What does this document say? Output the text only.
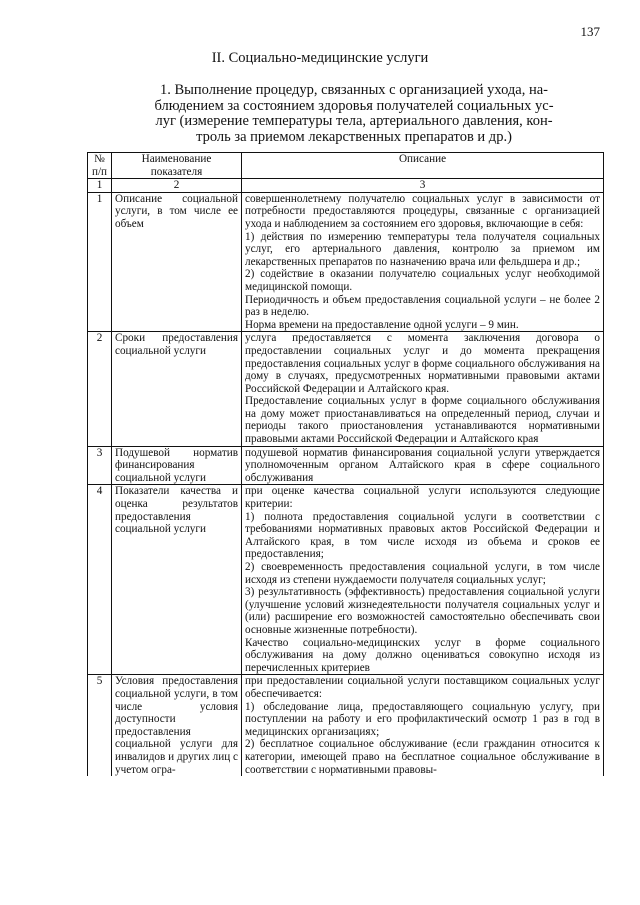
137
II. Социально-медицинские услуги
1. Выполнение процедур, связанных с организацией ухода, на-
блюдением за состоянием здоровья получателей социальных ус-
луг (измерение температуры тела, артериального давления, кон-
троль за приемом лекарственных препаратов и др.)
№ п/п	Наименование показателя	Описание
1	2	3
1	Описание социальной услуги, в том числе ее объем	совершеннолетнему получателю социальных услуг в зависимости от потребности предоставляются процедуры, связанные с организацией ухода и наблюдением за состоянием его здоровья, включающие в себя:

1) действия по измерению температуры тела получателя социальных услуг, его артериального давления, контролю за приемом им лекарственных препаратов по назначению врача или фельдшера и др.;

2) содействие в оказании получателю социальных услуг необходимой медицинской помощи.

Периодичность и объем предоставления социальной услуги – не более 2 раз в неделю.

Норма времени на предоставление одной услуги – 9 мин.

2	Сроки предоставления социальной услуги	услуга предоставляется с момента заключения договора о предоставлении социальных услуг и до момента прекращения предоставления социальных услуг в форме социального обслуживания на дому в случаях, предусмотренных нормативными правовыми актами Российской Федерации и Алтайского края.

Предоставление социальных услуг в форме социального обслуживания на дому может приостанавливаться на определенный период, случаи и периоды такого приостановления устанавливаются нормативными правовыми актами Российской Федерации и Алтайского края

3	Подушевой норматив финансирования социальной услуги	подушевой норматив финансирования социальной услуги утверждается уполномоченным органом Алтайского края в сфере социального обслуживания

4	Показатели качества и оценка результатов предоставления социальной услуги	при оценке качества социальной услуги используются следующие критерии:

1) полнота предоставления социальной услуги в соответствии с требованиями нормативных правовых актов Российской Федерации и Алтайского края, в том числе исходя из объема и сроков ее предоставления;

2) своевременность предоставления социальной услуги, в том числе исходя из степени нуждаемости получателя социальных услуг;

3) результативность (эффективность) предоставления социальной услуги (улучшение условий жизнедеятельности получателя социальных услуг и (или) расширение его возможностей самостоятельно обеспечивать свои основные жизненные потребности).

Качество социально-медицинских услуг в форме социального обслуживания на дому должно оцениваться совокупно исходя из перечисленных критериев

5	Условия предоставления социальной услуги, в том числе условия доступности предоставления социальной услуги для инвалидов и других лиц с учетом огра-	при предоставлении социальной услуги поставщиком социальных услуг обеспечивается:

1) обследование лица, предоставляющего социальную услугу, при поступлении на работу и его профилактический осмотр 1 раз в год в медицинских организациях;

2) бесплатное социальное обслуживание (если гражданин относится к категории, имеющей право на бесплатное социальное обслуживание в соответствии с нормативными правовы-
